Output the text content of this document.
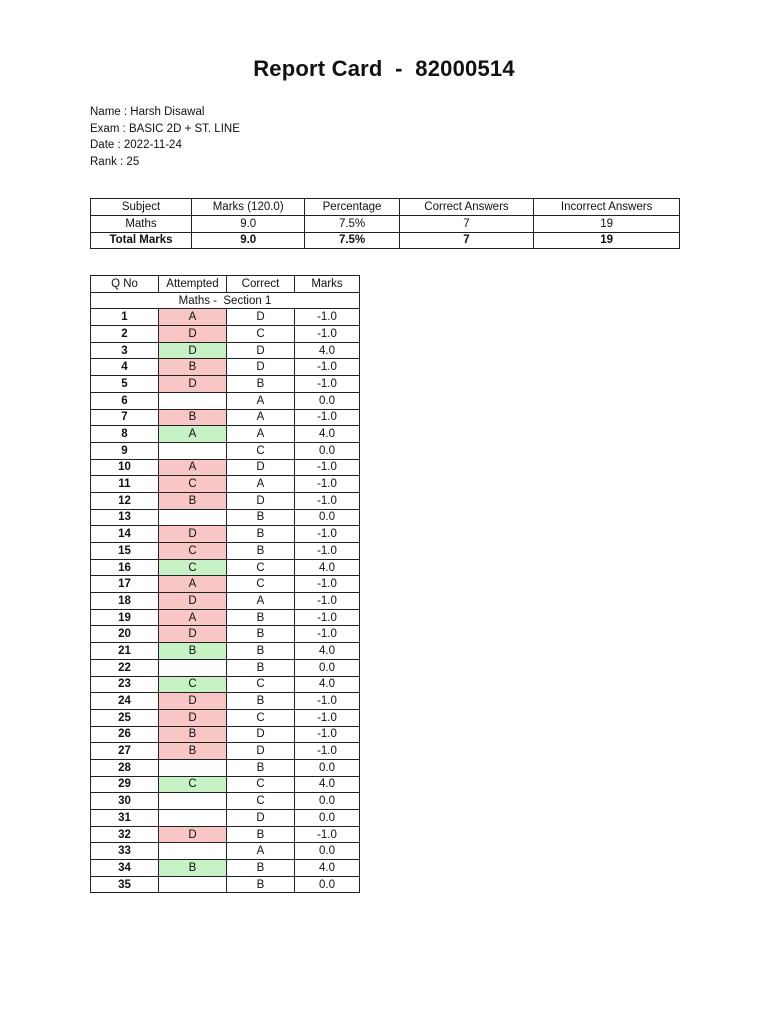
Report Card  -  82000514
Name : Harsh Disawal
Exam : BASIC 2D + ST. LINE
Date : 2022-11-24
Rank : 25
Subject	Marks (120.0)	Percentage	Correct Answers	Incorrect Answers
Maths	9.0	7.5%	7	19
Total Marks	9.0	7.5%	7	19
Q No	Attempted	Correct	Marks
Maths -  Section 1			
1	A	D	-1.0
2	D	C	-1.0
3	D	D	4.0
4	B	D	-1.0
5	D	B	-1.0
6		A	0.0
7	B	A	-1.0
8	A	A	4.0
9		C	0.0
10	A	D	-1.0
11	C	A	-1.0
12	B	D	-1.0
13		B	0.0
14	D	B	-1.0
15	C	B	-1.0
16	C	C	4.0
17	A	C	-1.0
18	D	A	-1.0
19	A	B	-1.0
20	D	B	-1.0
21	B	B	4.0
22		B	0.0
23	C	C	4.0
24	D	B	-1.0
25	D	C	-1.0
26	B	D	-1.0
27	B	D	-1.0
28		B	0.0
29	C	C	4.0
30		C	0.0
31		D	0.0
32	D	B	-1.0
33		A	0.0
34	B	B	4.0
35		B	0.0
